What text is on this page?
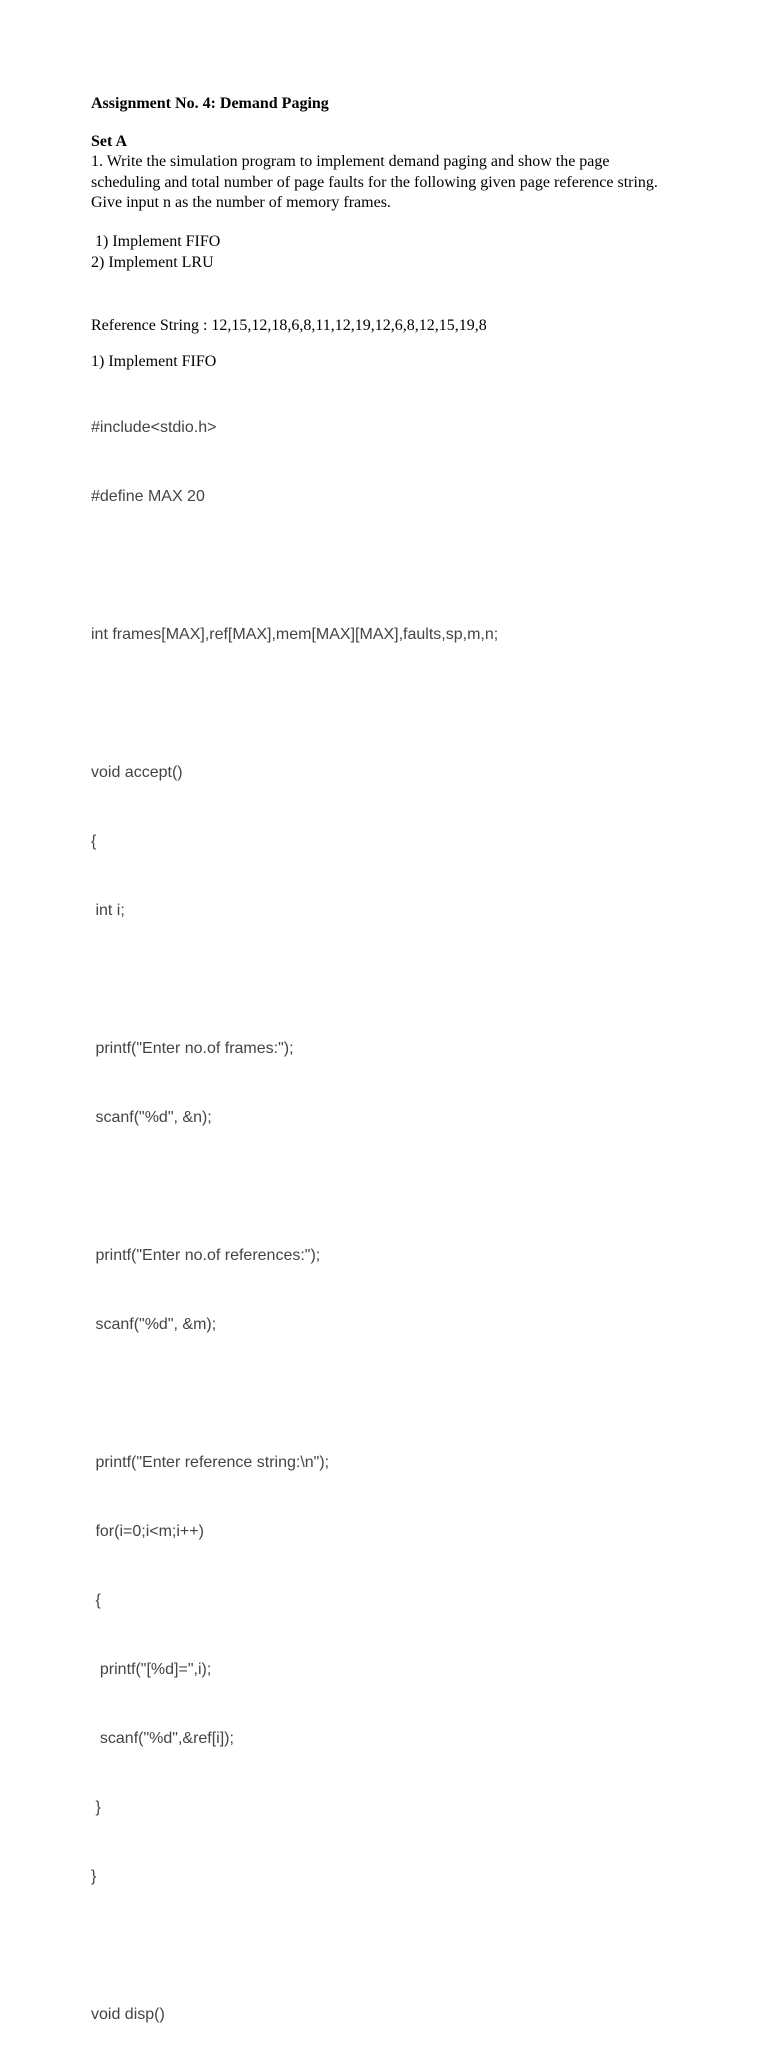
Assignment No. 4: Demand Paging
Set A
1. Write the simulation program to implement demand paging and show the page scheduling and total number of page faults for the following given page reference string. Give input n as the number of memory frames.
1) Implement FIFO
2) Implement LRU
Reference String : 12,15,12,18,6,8,11,12,19,12,6,8,12,15,19,8
1) Implement FIFO

#include<stdio.h>

#define MAX 20

int frames[MAX],ref[MAX],mem[MAX][MAX],faults,sp,m,n;

void accept()

{

int i;

printf("Enter no.of frames:");

scanf("%d", &n);

printf("Enter no.of references:");

scanf("%d", &m);

printf("Enter reference string:\n");

for(i=0;i<m;i++)

{

printf("[%d]=",i);

scanf("%d",&ref[i]);

}

}

void disp()
